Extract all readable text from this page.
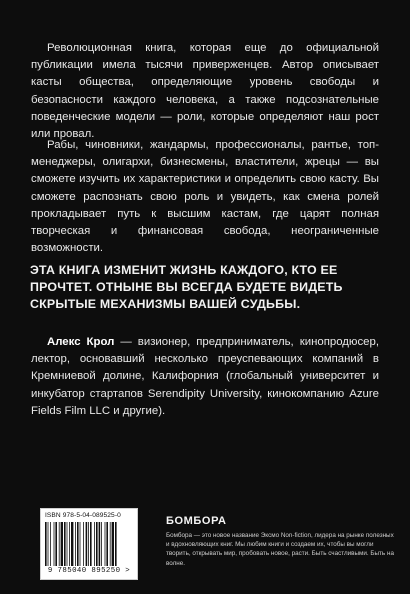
Революционная книга, которая еще до официальной публикации имела тысячи приверженцев. Автор описывает касты общества, определяющие уровень свободы и безопасности каждого человека, а также подсознательные поведенческие модели — роли, которые определяют наш рост или провал.

Рабы, чиновники, жандармы, профессионалы, рантье, топ-менеджеры, олигархи, бизнесмены, властители, жрецы — вы сможете изучить их характеристики и определить свою касту. Вы сможете распознать свою роль и увидеть, как смена ролей прокладывает путь к высшим кастам, где царят полная творческая и финансовая свобода, неограниченные возможности.

ЭТА КНИГА ИЗМЕНИТ ЖИЗНЬ КАЖДОГО, КТО ЕЕ ПРОЧТЕТ. ОТНЫНЕ ВЫ ВСЕГДА БУДЕТЕ ВИДЕТЬ СКРЫТЫЕ МЕХАНИЗМЫ ВАШЕЙ СУДЬБЫ.

Алекс Крол — визионер, предприниматель, кинопродюсер, лектор, основавший несколько преуспевающих компаний в Кремниевой долине, Калифорния (глобальный университет и инкубатор стартапов Serendipity University, кинокомпанию Azure Fields Film LLC и другие).

ISBN 978-5-04-089525-0
9 785040 895250 >
БОМБОРА
Бомбора — это новое название Эксмо Non-fiction, лидера на рынке полезных и вдохновляющих книг. Мы любим книги и создаем их, чтобы вы могли творить, открывать мир, пробовать новое, расти. Быть счастливыми. Быть на волне.
